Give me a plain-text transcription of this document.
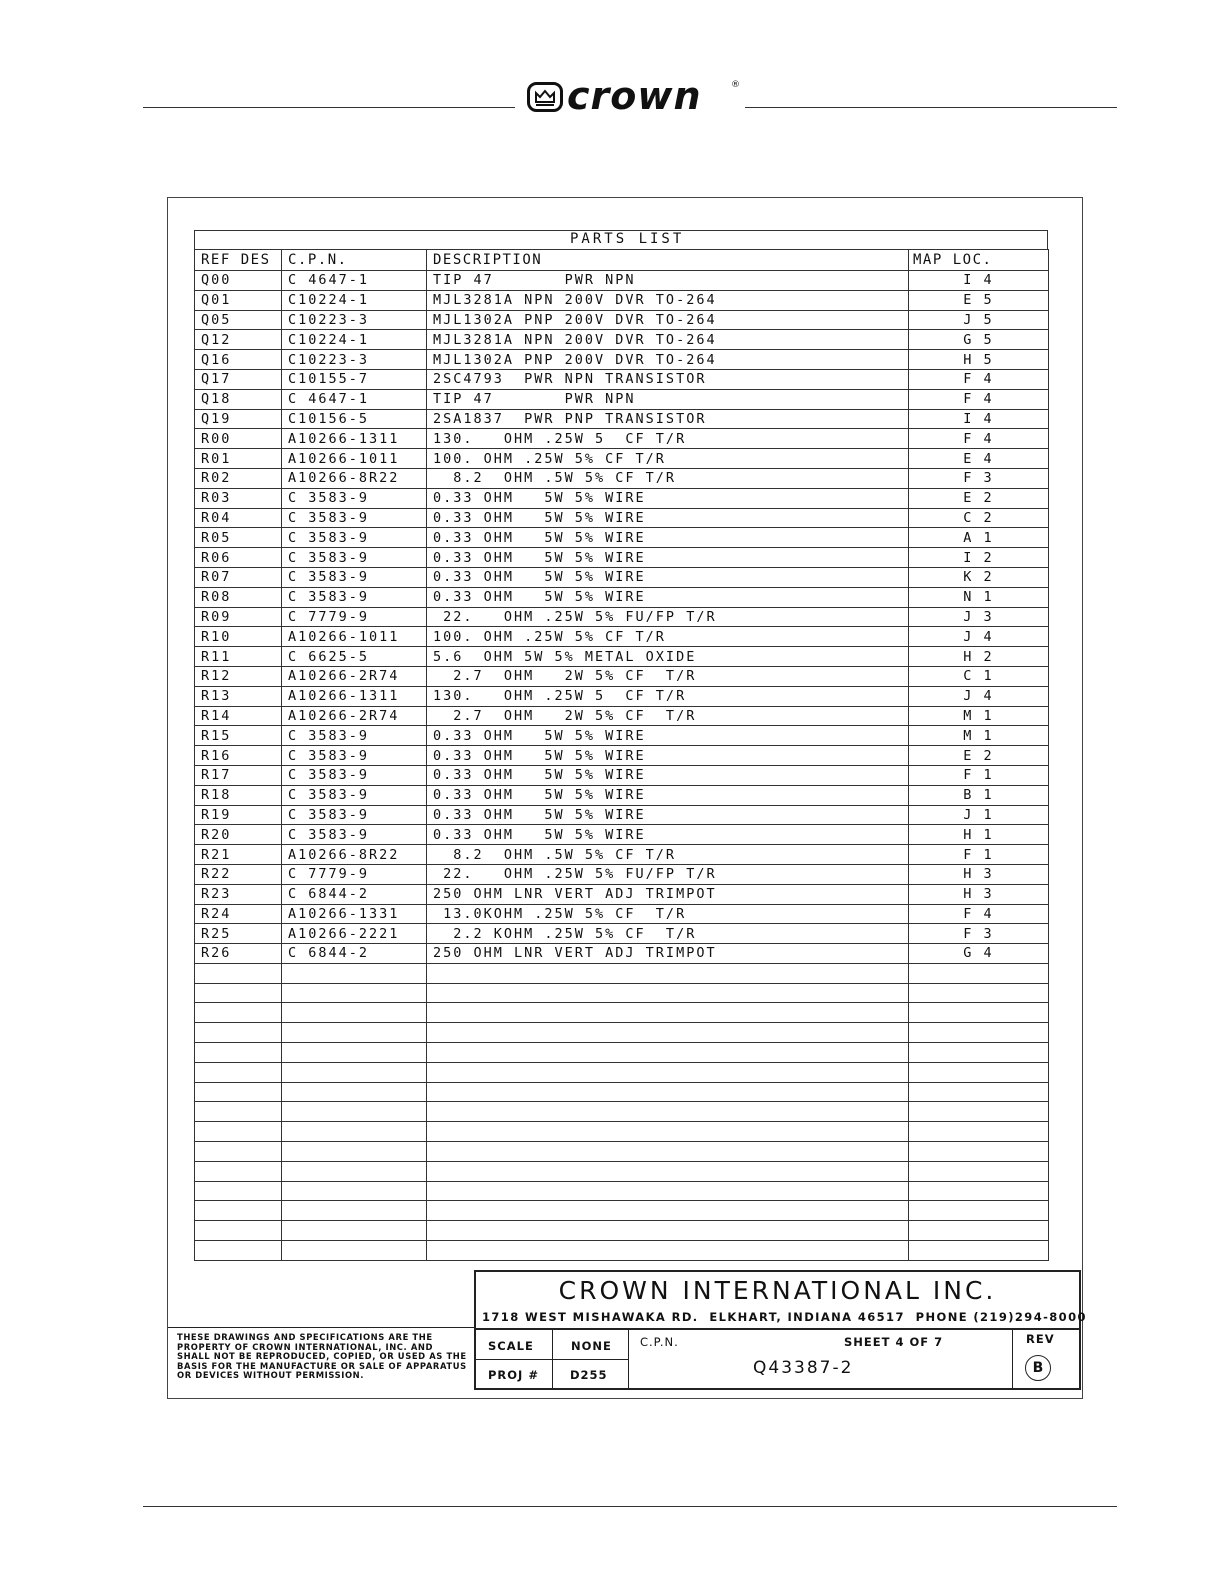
crown	®
PARTS LIST
REF DES	C.P.N.	DESCRIPTION	MAP LOC.
Q00	C 4647-1	TIP 47       PWR NPN	I 4
Q01	C10224-1	MJL3281A NPN 200V DVR TO-264	E 5
Q05	C10223-3	MJL1302A PNP 200V DVR TO-264	J 5
Q12	C10224-1	MJL3281A NPN 200V DVR TO-264	G 5
Q16	C10223-3	MJL1302A PNP 200V DVR TO-264	H 5
Q17	C10155-7	2SC4793  PWR NPN TRANSISTOR	F 4
Q18	C 4647-1	TIP 47       PWR NPN	F 4
Q19	C10156-5	2SA1837  PWR PNP TRANSISTOR	I 4
R00	A10266-1311	130.   OHM .25W 5  CF T/R	F 4
R01	A10266-1011	100. OHM .25W 5% CF T/R	E 4
R02	A10266-8R22	8.2  OHM .5W 5% CF T/R	F 3
R03	C 3583-9	0.33 OHM   5W 5% WIRE	E 2
R04	C 3583-9	0.33 OHM   5W 5% WIRE	C 2
R05	C 3583-9	0.33 OHM   5W 5% WIRE	A 1
R06	C 3583-9	0.33 OHM   5W 5% WIRE	I 2
R07	C 3583-9	0.33 OHM   5W 5% WIRE	K 2
R08	C 3583-9	0.33 OHM   5W 5% WIRE	N 1
R09	C 7779-9	22.   OHM .25W 5% FU/FP T/R	J 3
R10	A10266-1011	100. OHM .25W 5% CF T/R	J 4
R11	C 6625-5	5.6  OHM 5W 5% METAL OXIDE	H 2
R12	A10266-2R74	2.7  OHM   2W 5% CF  T/R	C 1
R13	A10266-1311	130.   OHM .25W 5  CF T/R	J 4
R14	A10266-2R74	2.7  OHM   2W 5% CF  T/R	M 1
R15	C 3583-9	0.33 OHM   5W 5% WIRE	M 1
R16	C 3583-9	0.33 OHM   5W 5% WIRE	E 2
R17	C 3583-9	0.33 OHM   5W 5% WIRE	F 1
R18	C 3583-9	0.33 OHM   5W 5% WIRE	B 1
R19	C 3583-9	0.33 OHM   5W 5% WIRE	J 1
R20	C 3583-9	0.33 OHM   5W 5% WIRE	H 1
R21	A10266-8R22	8.2  OHM .5W 5% CF T/R	F 1
R22	C 7779-9	22.   OHM .25W 5% FU/FP T/R	H 3
R23	C 6844-2	250 OHM LNR VERT ADJ TRIMPOT	H 3
R24	A10266-1331	13.0KOHM .25W 5% CF  T/R	F 4
R25	A10266-2221	2.2 KOHM .25W 5% CF  T/R	F 3
R26	C 6844-2	250 OHM LNR VERT ADJ TRIMPOT	G 4

THESE DRAWINGS AND SPECIFICATIONS ARE THE PROPERTY OF CROWN INTERNATIONAL, INC. AND SHALL NOT BE REPRODUCED, COPIED, OR USED AS THE BASIS FOR THE MANUFACTURE OR SALE OF APPARATUS OR DEVICES WITHOUT PERMISSION.
CROWN INTERNATIONAL INC.
1718 WEST MISHAWAKA RD.  ELKHART, INDIANA 46517  PHONE (219)294-8000
SCALE	NONE
PROJ #	D255
C.P.N.	SHEET 4 OF 7
Q43387-2
REV
B
